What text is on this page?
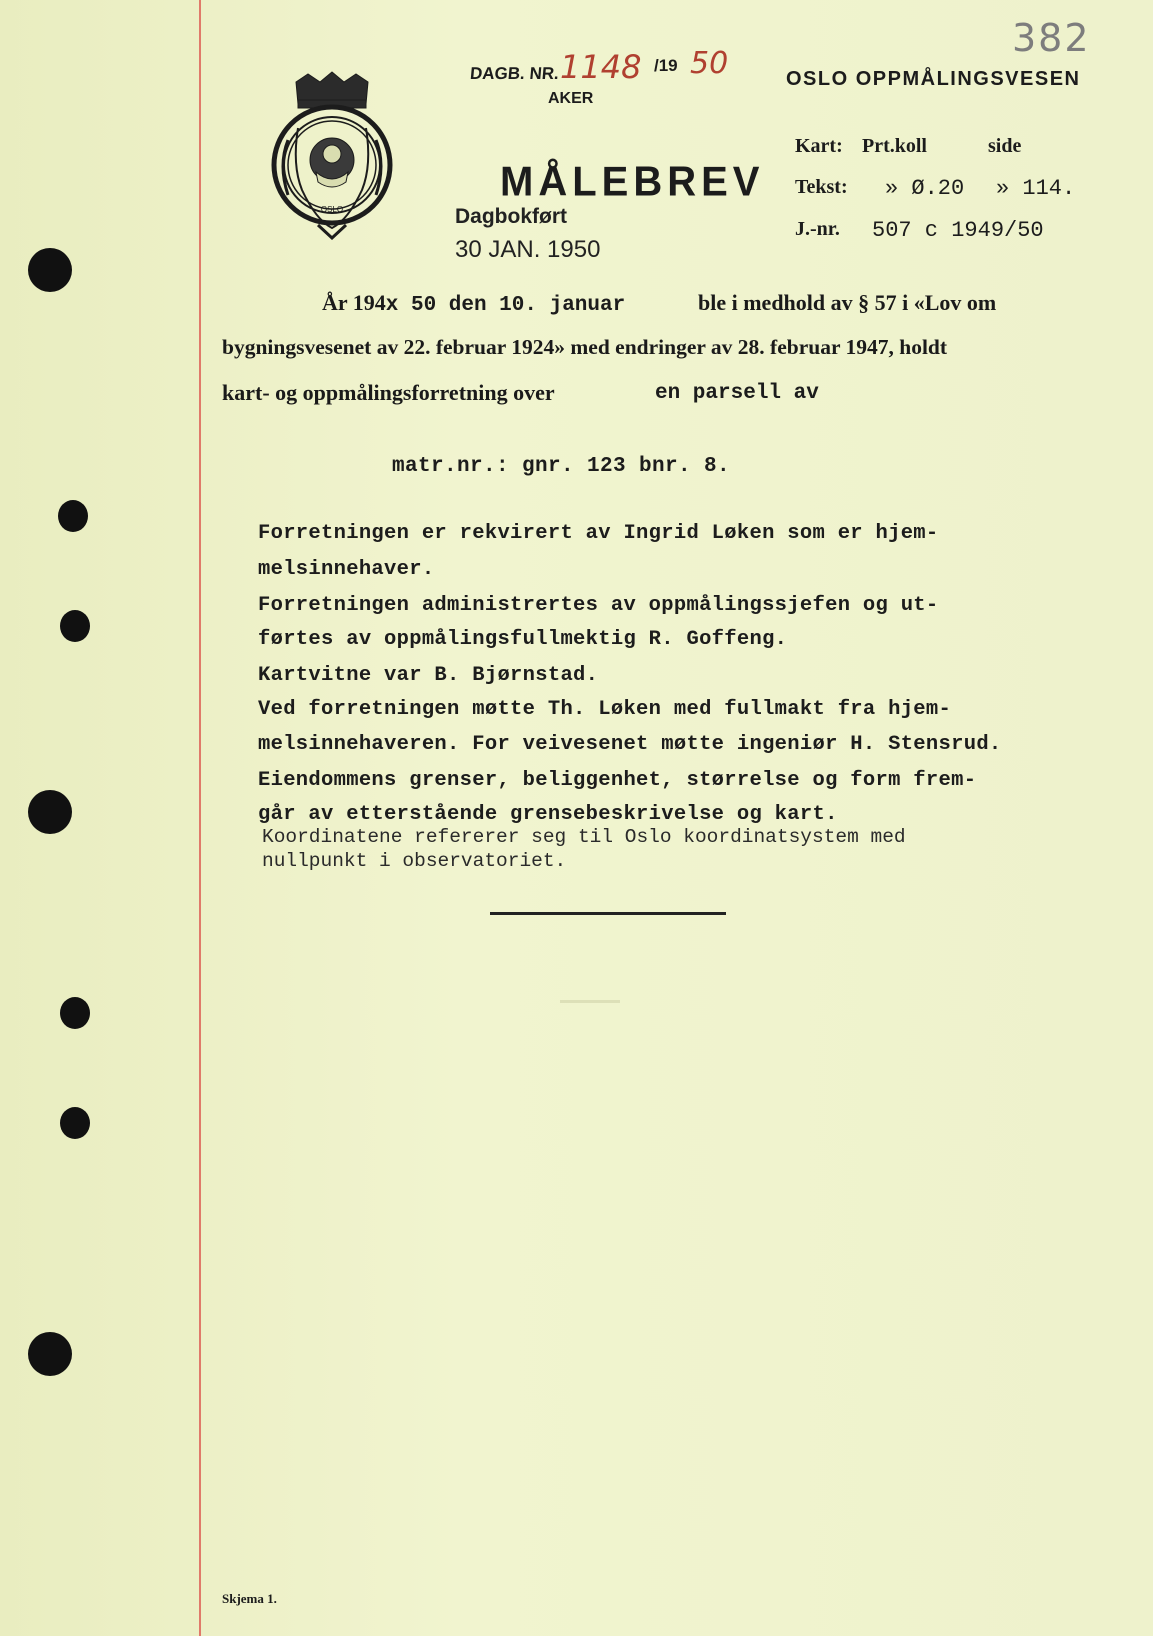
382
OSLO
DAGB. NR. 1148 /19 50
AKER
OSLO OPPMÅLINGSVESEN
MÅLEBREV
Dagbokført
30 JAN. 1950
Kart: Prt.koll	side
Tekst: » Ø.20 » 114.
J.-nr. 507 c 1949/50
År 194x 50 den 10. januar	ble i medhold av § 57 i «Lov om
bygningsvesenet av 22. februar 1924» med endringer av 28. februar 1947, holdt
kart- og oppmålingsforretning over	en parsell av
matr.nr.: gnr. 123 bnr. 8.
Forretningen er rekvirert av Ingrid Løken som er hjem-
melsinnehaver.
Forretningen administrertes av oppmålingssjefen og ut-
førtes av oppmålingsfullmektig R. Goffeng.
Kartvitne var B. Bjørnstad.
Ved forretningen møtte Th. Løken med fullmakt fra hjem-
melsinnehaveren. For veivesenet møtte ingeniør H. Stensrud.
Eiendommens grenser, beliggenhet, størrelse og form frem-
går av etterstående grensebeskrivelse og kart.
Koordinatene refererer seg til Oslo koordinatsystem med
nullpunkt i observatoriet.
Skjema 1.
